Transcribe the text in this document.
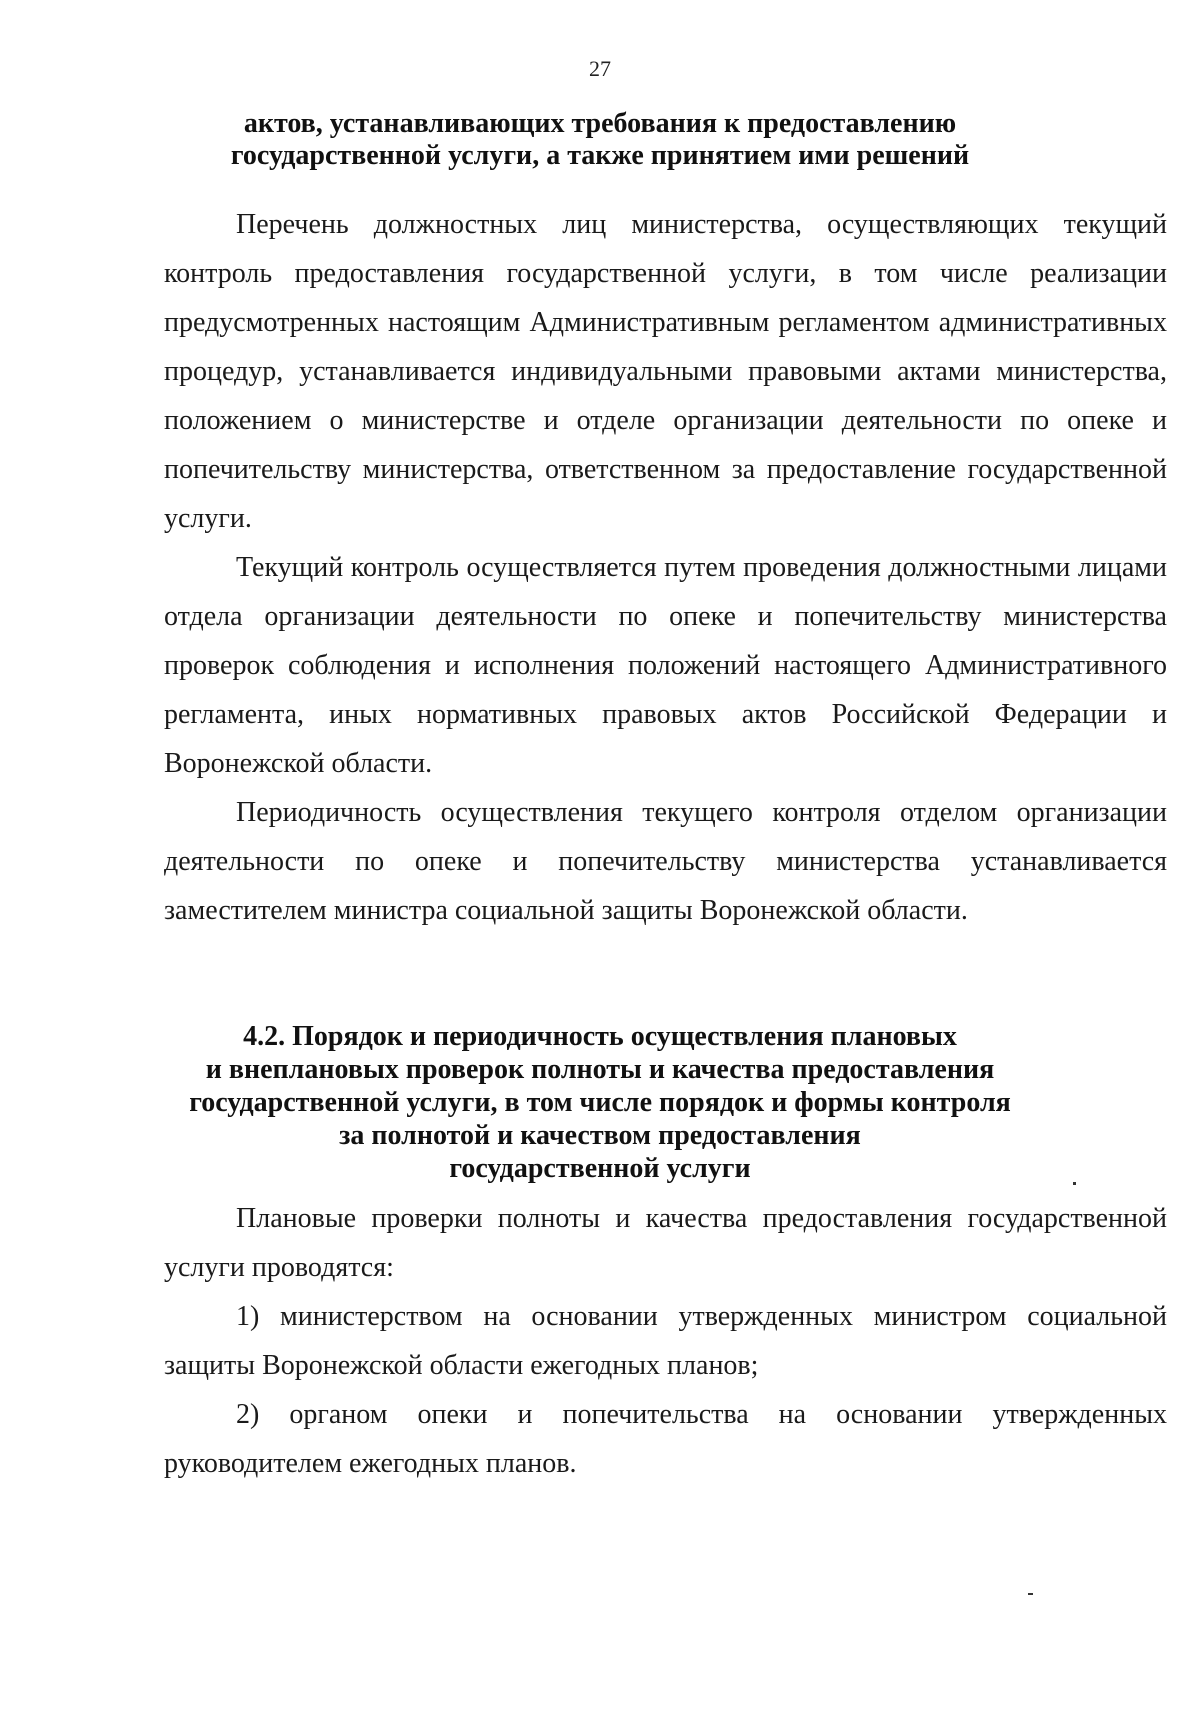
27
актов, устанавливающих требования к предоставлению
государственной услуги, а также принятием ими решений

Перечень должностных лиц министерства, осуществляющих текущий контроль предоставления государственной услуги, в том числе реализации предусмотренных настоящим Административным регламентом административных процедур, устанавливается индивидуальными правовыми актами министерства, положением о министерстве и отделе организации деятельности по опеке и попечительству министерства, ответственном за предоставление государственной услуги.

Текущий контроль осуществляется путем проведения должностными лицами отдела организации деятельности по опеке и попечительству министерства проверок соблюдения и исполнения положений настоящего Административного регламента, иных нормативных правовых актов Российской Федерации и Воронежской области.

Периодичность осуществления текущего контроля отделом организации деятельности по опеке и попечительству министерства устанавливается заместителем министра социальной защиты Воронежской области.

4.2. Порядок и периодичность осуществления плановых
и внеплановых проверок полноты и качества предоставления
государственной услуги, в том числе порядок и формы контроля
за полнотой и качеством предоставления
государственной услуги

Плановые проверки полноты и качества предоставления государственной услуги проводятся:

1) министерством на основании утвержденных министром социальной защиты Воронежской области ежегодных планов;

2) органом опеки и попечительства на основании утвержденных руководителем ежегодных планов.
